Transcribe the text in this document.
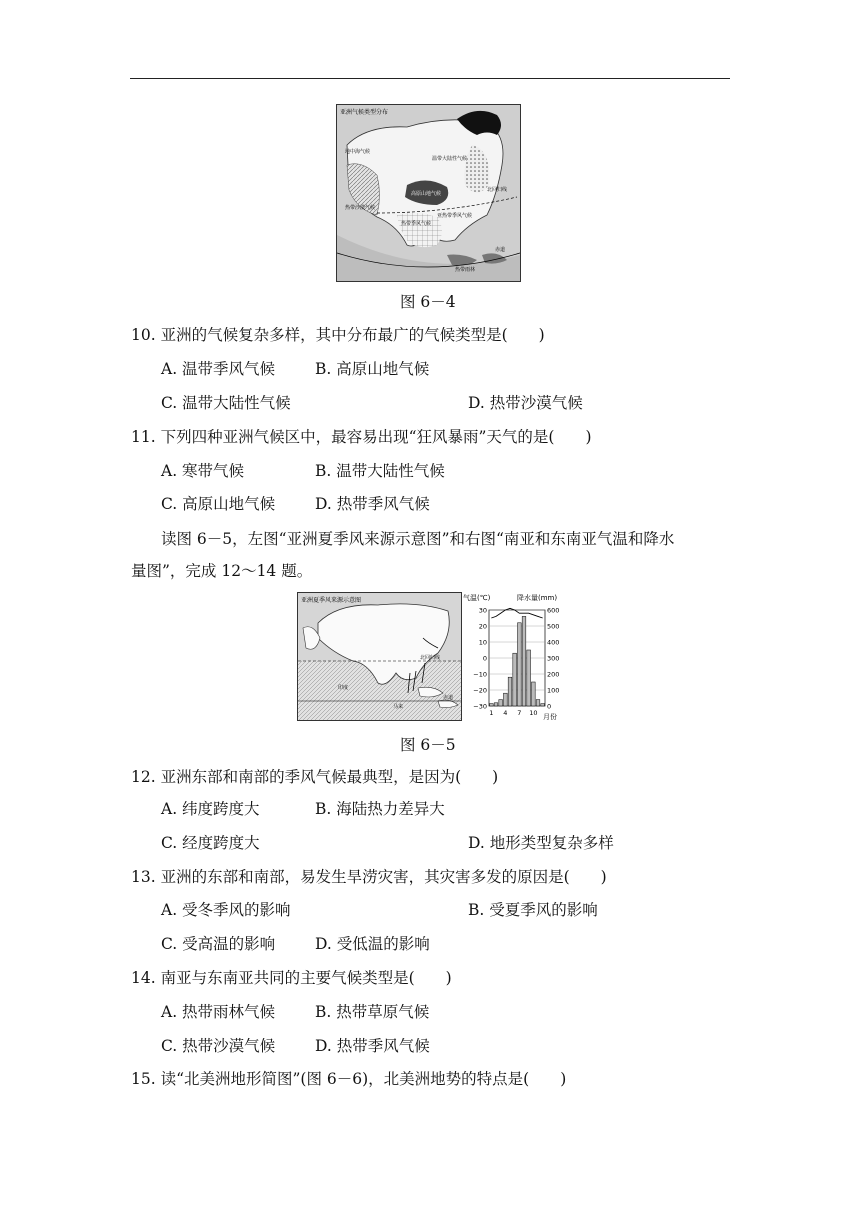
亚洲气候类型分布
温带大陆性气候
高原山地气候
热带沙漠气候
热带季风气候
亚热带季风气候
地中海气候
北回归线
赤道
热带雨林
图 6－4
10. 亚洲的气候复杂多样，其中分布最广的气候类型是(　　)
A. 温带季风气候	B. 高原山地气候
C. 温带大陆性气候	D. 热带沙漠气候
11. 下列四种亚洲气候区中，最容易出现“狂风暴雨”天气的是(　　)
A. 寒带气候	B. 温带大陆性气候
C. 高原山地气候	D. 热带季风气候
读图 6－5，左图“亚洲夏季风来源示意图”和右图“南亚和东南亚气温和降水
量图”，完成 12～14 题。
亚洲夏季风来源示意图
北回归线
赤道
印度
马来
气温(℃)	降水量(mm)
30
20
10
0
−10
−20
−30
600
500
400
300
200
100
0
1 4 7 10 月份
图 6－5
12. 亚洲东部和南部的季风气候最典型，是因为(　　)
A. 纬度跨度大	B. 海陆热力差异大
C. 经度跨度大	D. 地形类型复杂多样
13. 亚洲的东部和南部，易发生旱涝灾害，其灾害多发的原因是(　　)
A. 受冬季风的影响	B. 受夏季风的影响
C. 受高温的影响	D. 受低温的影响
14. 南亚与东南亚共同的主要气候类型是(　　)
A. 热带雨林气候	B. 热带草原气候
C. 热带沙漠气候	D. 热带季风气候
15. 读“北美洲地形简图”(图 6－6)，北美洲地势的特点是(　　)
